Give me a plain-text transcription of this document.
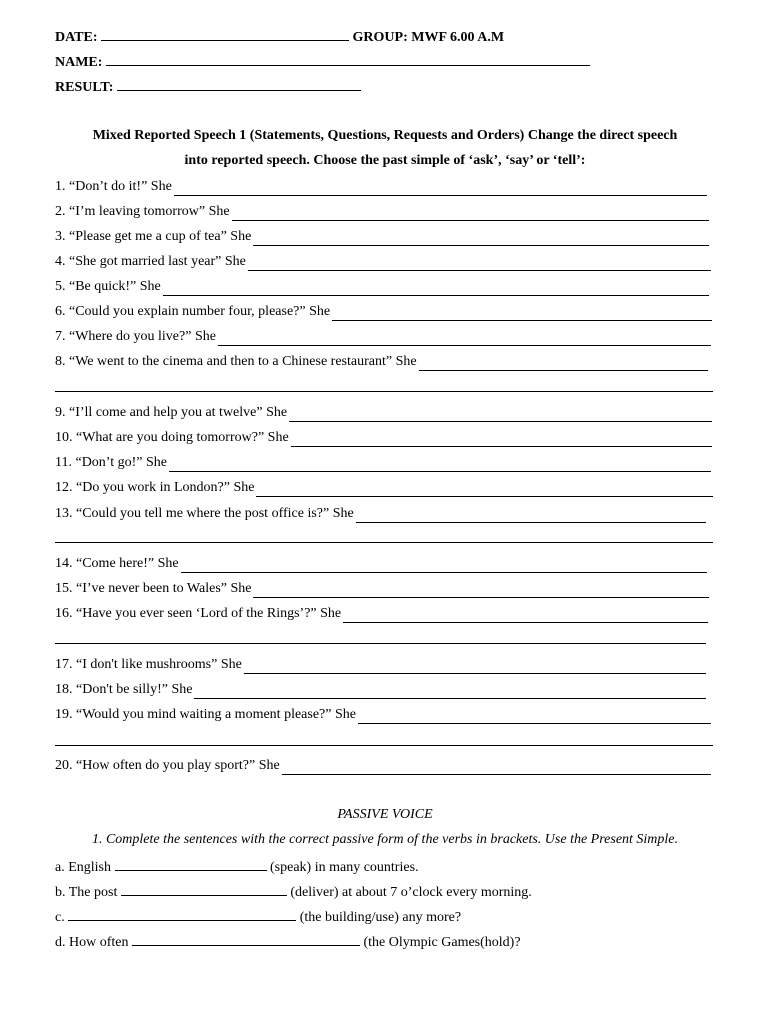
DATE:	GROUP: MWF 6.00 A.M
NAME:
RESULT:
Mixed Reported Speech 1 (Statements, Questions, Requests and Orders) Change the direct speech
into reported speech. Choose the past simple of ‘ask’, ‘say’ or ‘tell’:
1. “Don’t do it!” She
2. “I’m leaving tomorrow” She
3. “Please get me a cup of tea” She
4. “She got married last year” She
5. “Be quick!” She
6. “Could you explain number four, please?” She
7. “Where do you live?” She
8. “We went to the cinema and then to a Chinese restaurant” She
9. “I’ll come and help you at twelve” She
10. “What are you doing tomorrow?” She
11. “Don’t go!” She
12. “Do you work in London?” She
13. “Could you tell me where the post office is?” She
14. “Come here!” She
15. “I’ve never been to Wales” She
16. “Have you ever seen ‘Lord of the Rings’?” She
17. “I don't like mushrooms” She
18. “Don't be silly!” She
19. “Would you mind waiting a moment please?” She
20. “How often do you play sport?” She
PASSIVE VOICE
1. Complete the sentences with the correct passive form of the verbs in brackets. Use the Present Simple.
a. English	(speak) in many countries.
b. The post	(deliver) at about 7 o’clock every morning.
c.	(the building/use) any more?
d. How often	(the Olympic Games(hold)?
